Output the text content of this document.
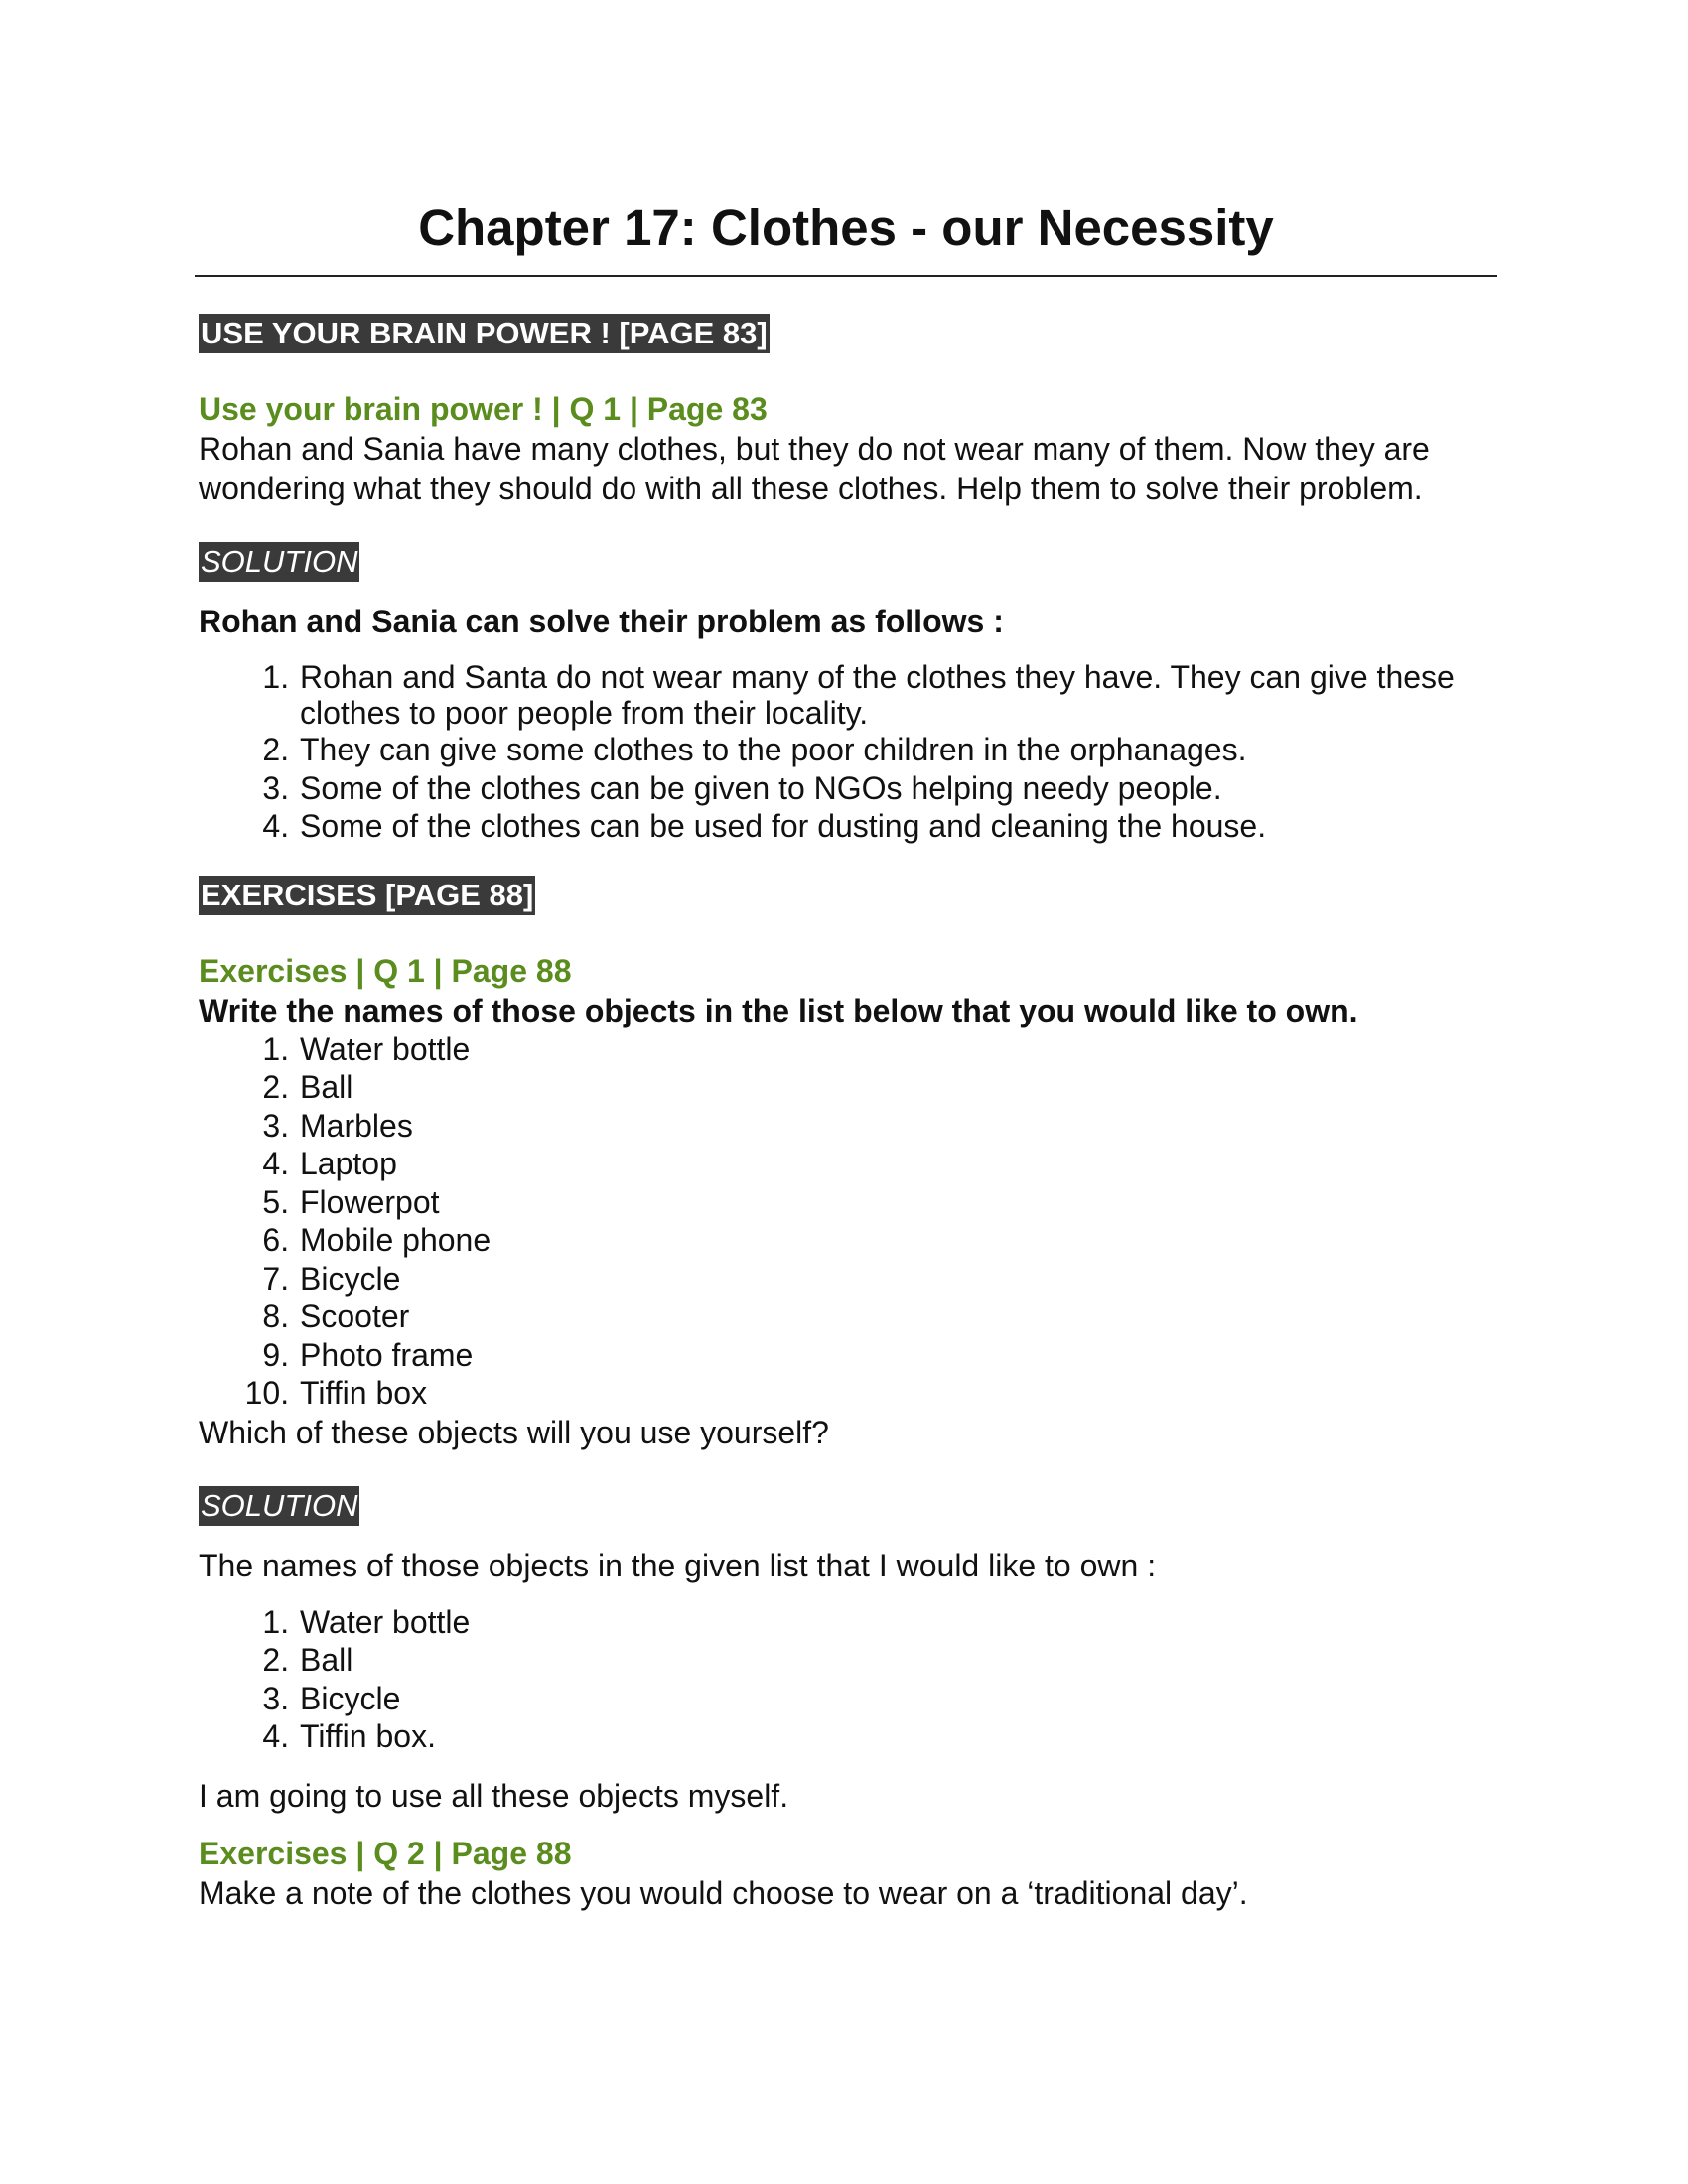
Chapter 17: Clothes - our Necessity
USE YOUR BRAIN POWER ! [PAGE 83]
Use your brain power ! | Q 1 | Page 83

Rohan and Sania have many clothes, but they do not wear many of them. Now they are wondering what they should do with all these clothes. Help them to solve their problem.

SOLUTION

Rohan and Sania can solve their problem as follows :

1. Rohan and Santa do not wear many of the clothes they have. They can give these clothes to poor people from their locality.
2. They can give some clothes to the poor children in the orphanages.
3. Some of the clothes can be given to NGOs helping needy people.
4. Some of the clothes can be used for dusting and cleaning the house.
EXERCISES [PAGE 88]
Exercises | Q 1 | Page 88

Write the names of those objects in the list below that you would like to own.

1. Water bottle
2. Ball
3. Marbles
4. Laptop
5. Flowerpot
6. Mobile phone
7. Bicycle
8. Scooter
9. Photo frame
10. Tiffin box

Which of these objects will you use yourself?

SOLUTION

The names of those objects in the given list that I would like to own :

1. Water bottle
2. Ball
3. Bicycle
4. Tiffin box.

I am going to use all these objects myself.

Exercises | Q 2 | Page 88

Make a note of the clothes you would choose to wear on a ‘traditional day’.
